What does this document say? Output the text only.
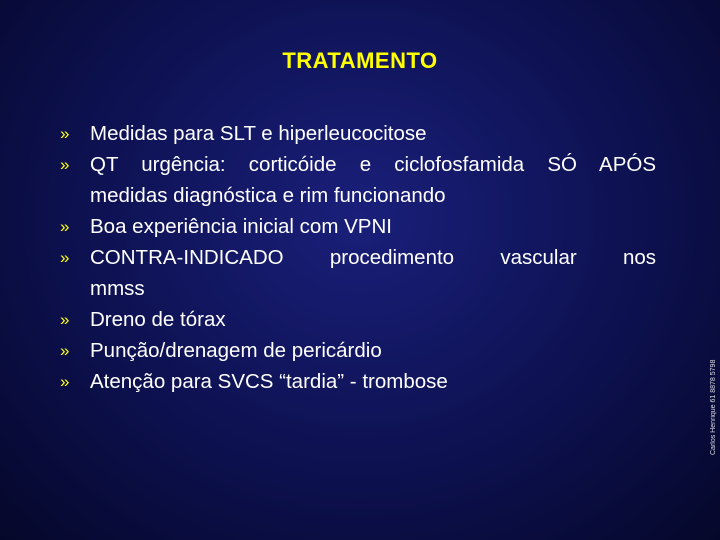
TRATAMENTO
» Medidas para SLT e hiperleucocitose
» QT urgência: corticóide e ciclofosfamida SÓ APÓS
medidas diagnóstica e rim funcionando
» Boa experiência inicial com VPNI
» CONTRA-INDICADO procedimento vascular nos
mmss
» Dreno de tórax
» Punção/drenagem de pericárdio
» Atenção para SVCS “tardia” - trombose	Carlos Henrique 61 8878 5798
